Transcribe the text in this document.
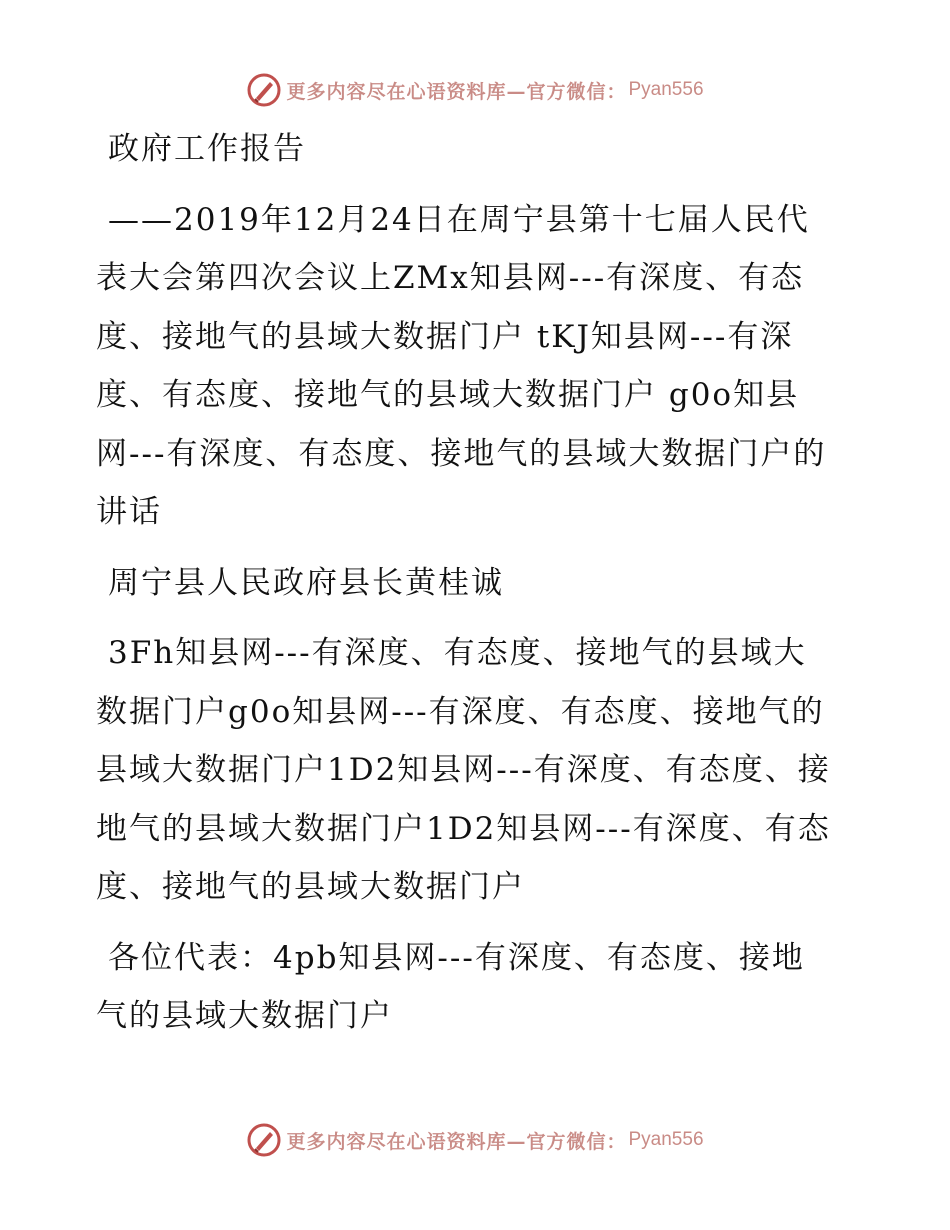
更多内容尽在心语资料库—官方微信： Pyan556

政府工作报告

——2019年12月24日在周宁县第十七届人民代表大会第四次会议上ZMx知县网---有深度、有态度、接地气的县域大数据门户 tKJ知县网---有深度、有态度、接地气的县域大数据门户 g0o知县网---有深度、有态度、接地气的县域大数据门户的讲话

周宁县人民政府县长黄桂诚

3Fh知县网---有深度、有态度、接地气的县域大数据门户g0o知县网---有深度、有态度、接地气的县域大数据门户1D2知县网---有深度、有态度、接地气的县域大数据门户1D2知县网---有深度、有态度、接地气的县域大数据门户

各位代表：4pb知县网---有深度、有态度、接地气的县域大数据门户

更多内容尽在心语资料库—官方微信： Pyan556
